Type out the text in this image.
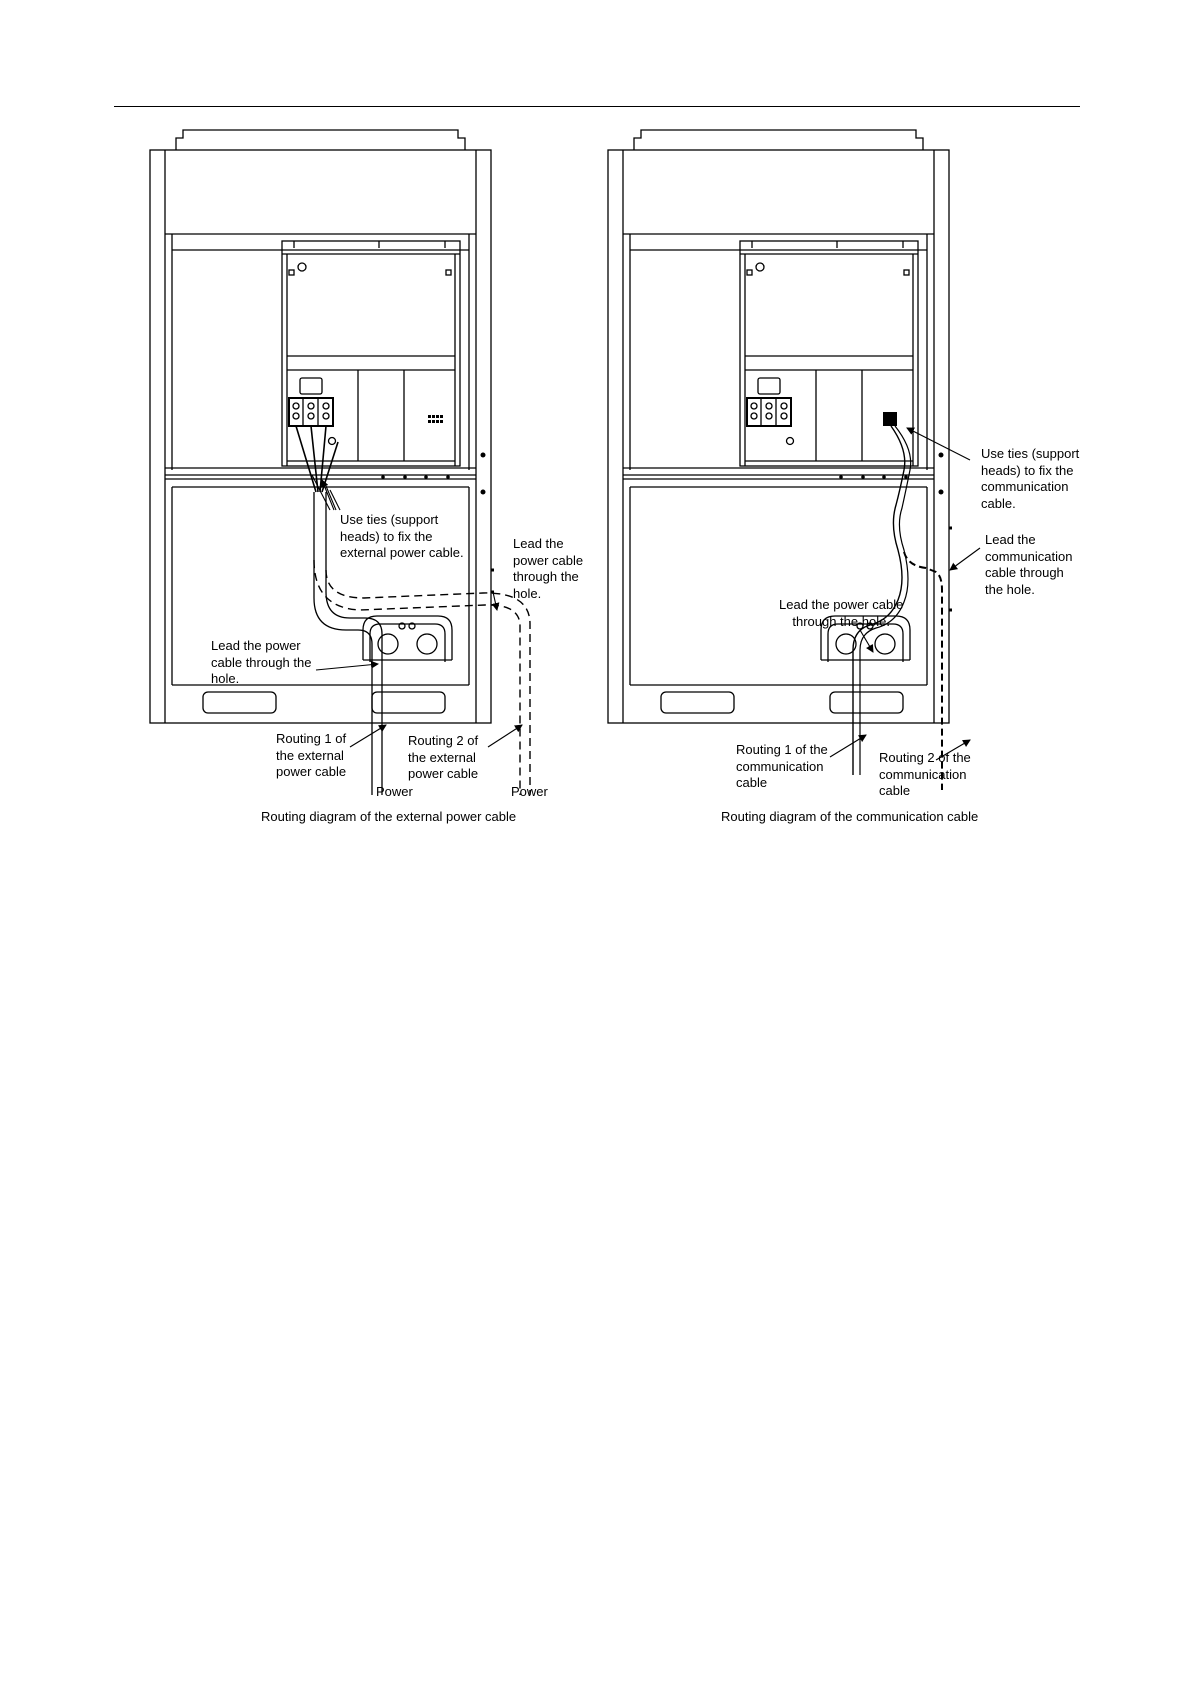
Use ties (support
heads) to fix the
external power cable.
Lead the
power cable
through the
hole.
Lead the power
cable through the
hole.
Routing 1 of
the external
power cable
Routing 2 of
the external
power cable
Power	Power
Routing diagram of the external power cable
Use ties (support
heads) to fix the
communication
cable.
Lead the
communication
cable through
the hole.
Lead the power cable
through the hole.
Routing 1 of the
communication
cable
Routing 2 of the
communication
cable
Routing diagram of the communication cable
